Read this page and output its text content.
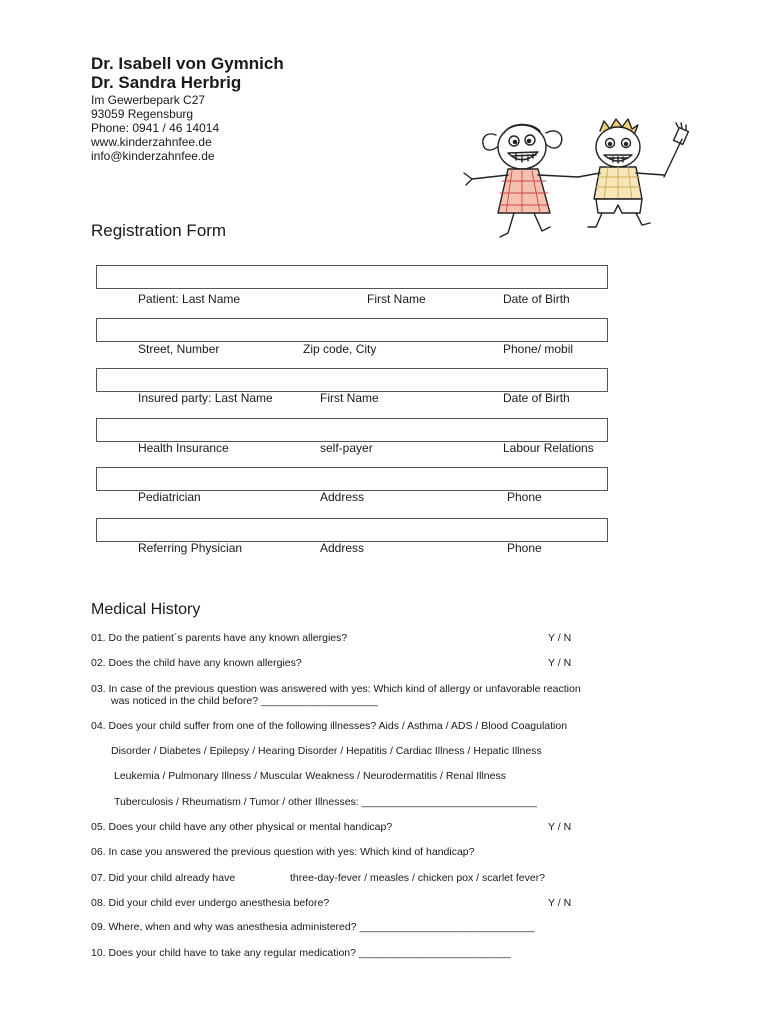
Dr. Isabell von Gymnich
Dr. Sandra Herbrig
Im Gewerbepark C27
93059 Regensburg
Phone: 0941 / 46 14014
www.kinderzahnfee.de
info@kinderzahnfee.de
Registration Form
Patient: Last Name	First Name	Date of Birth
Street, Number	Zip code, City	Phone/ mobil
Insured party: Last Name	First Name	Date of Birth
Health Insurance	self-payer	Labour Relations
Pediatrician	Address	Phone
Referring Physician	Address	Phone
Medical History
01. Do the patient´s parents have any known allergies?	Y / N
02. Does the child have any known allergies?	Y / N
03. In case of the previous question was answered with yes: Which kind of allergy or unfavorable reaction
was noticed in the child before? ____________________
04. Does your child suffer from one of the following illnesses? Aids / Asthma / ADS / Blood Coagulation
Disorder / Diabetes / Epilepsy / Hearing Disorder / Hepatitis / Cardiac Illness / Hepatic Illness
Leukemia / Pulmonary Illness / Muscular Weakness / Neurodermatitis / Renal Illness
Tuberculosis / Rheumatism / Tumor / other Illnesses: ______________________________
05. Does your child have any other physical or mental handicap?	Y / N
06. In case you answered the previous question with yes: Which kind of handicap?
07. Did your child already have	three-day-fever / measles / chicken pox / scarlet fever?
08. Did your child ever undergo anesthesia before?	Y / N
09. Where, when and why was anesthesia administered? ______________________________
10. Does your child have to take any regular medication? __________________________
